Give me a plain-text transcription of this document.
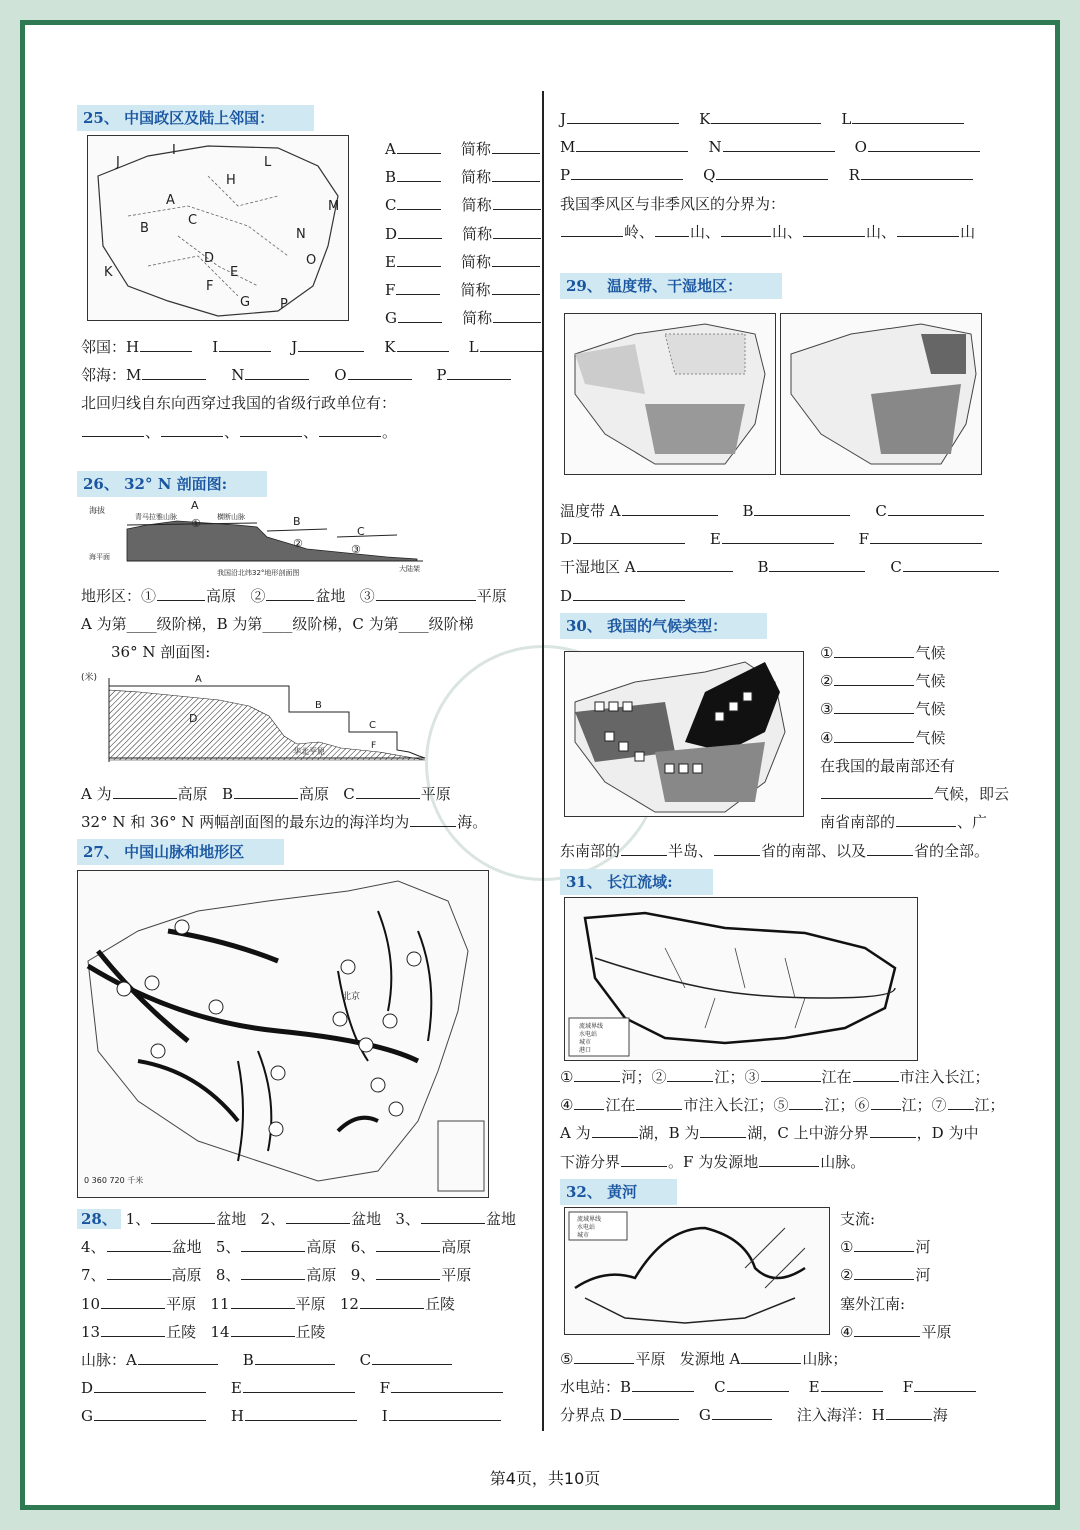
25、 中国政区及陆上邻国：
J
I
H
A
B
C
D
E
F
G
K
N
O
P
M
L
A	简称
B	简称
C	简称
D	简称
E	简称
F	简称
G	简称
邻国：H	I	J	K	L
邻海：M	N	O	P
北回归线自东向西穿过我国的省级行政单位有：
、	、	、	。
26、 32° N 剖面图:
海拔
青马拉雅山脉	横断山脉
A
B
C
①
②	③
海平面
大陆架
我国沿北纬32°地形剖面图
地形区：①	高原 ②	盆地 ③	平原
A 为第____级阶梯，B 为第____级阶梯，C 为第____级阶梯
36° N 剖面图:
(米)	A
B
C
D
F
华北平原
A 为	高原 B	高原 C	平原
32° N 和 36° N 两幅剖面图的最东边的海洋均为	海。
27、 中国山脉和地形区
0 360 720 千米
北京
28、 1、	盆地 2、	盆地 3、	盆地
4、	盆地 5、	高原 6、	高原
7、	高原 8、	高原 9、	平原
10	平原 11	平原 12	丘陵
13	丘陵 14	丘陵
山脉：A	B	C
D	E	F
G	H	I
J	K	L
M	N	O
P	Q	R
我国季风区与非季风区的分界为：
岭、 山、	山、	山、	山
29、 温度带、干湿地区：
温度带 A	B	C
D	E	F
干湿地区 A	B	C
D
30、 我国的气候类型：
①	气候
②	气候
③	气候
④	气候
在我国的最南部还有
气候，即云
南省南部的	、广
东南部的	半岛、	省的南部、以及	省的全部。
31、 长江流域:
流域界线
水电站
城市
港口
①	河；②	江；③	江在	市注入长江；
④ 江在	市注入长江；⑤ 江；⑥ 江；⑦ 江；
A 为	湖，B 为	湖，C 上中游分界	，D 为中
下游分界	。F 为发源地	山脉。
32、 黄河
流域界线
水电站
城市
支流:
①	河
②	河
塞外江南:
④	平原
⑤	平原 发源地 A	山脉；
水电站：B	C	E	F
分界点 D	G	注入海洋：H	海
第4页，共10页
